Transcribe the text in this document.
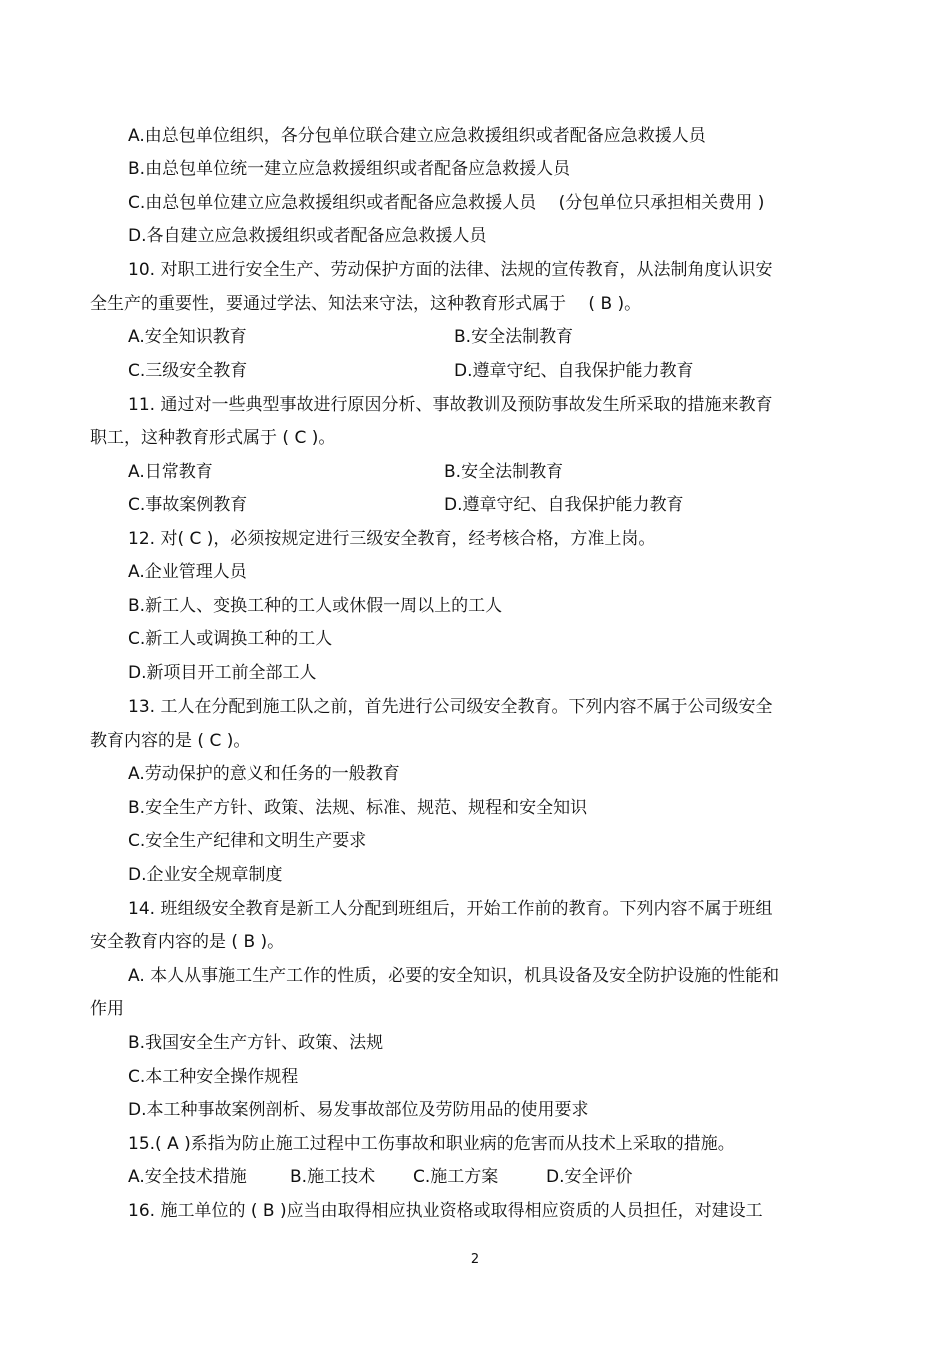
A.由总包单位组织，各分包单位联合建立应急救援组织或者配备应急救援人员
B.由总包单位统一建立应急救援组织或者配备应急救援人员
C.由总包单位建立应急救援组织或者配备应急救援人员　 (分包单位只承担相关费用 )
D.各自建立应急救援组织或者配备应急救援人员
10. 对职工进行安全生产、劳动保护方面的法律、法规的宣传教育，从法制角度认识安
全生产的重要性，要通过学法、知法来守法，这种教育形式属于　 ( B )。
A.安全知识教育	B.安全法制教育
C.三级安全教育	D.遵章守纪、自我保护能力教育
11. 通过对一些典型事故进行原因分析、事故教训及预防事故发生所采取的措施来教育
职工，这种教育形式属于 ( C )。
A.日常教育	B.安全法制教育
C.事故案例教育	D.遵章守纪、自我保护能力教育
12. 对( C )，必须按规定进行三级安全教育，经考核合格，方准上岗。
A.企业管理人员
B.新工人、变换工种的工人或休假一周以上的工人
C.新工人或调换工种的工人
D.新项目开工前全部工人
13. 工人在分配到施工队之前，首先进行公司级安全教育。下列内容不属于公司级安全
教育内容的是 ( C )。
A.劳动保护的意义和任务的一般教育
B.安全生产方针、政策、法规、标准、规范、规程和安全知识
C.安全生产纪律和文明生产要求
D.企业安全规章制度
14. 班组级安全教育是新工人分配到班组后，开始工作前的教育。下列内容不属于班组
安全教育内容的是 ( B )。
A. 本人从事施工生产工作的性质，必要的安全知识，机具设备及安全防护设施的性能和
作用
B.我国安全生产方针、政策、法规
C.本工种安全操作规程
D.本工种事故案例剖析、易发事故部位及劳防用品的使用要求
15.( A )系指为防止施工过程中工伤事故和职业病的危害而从技术上采取的措施。
A.安全技术措施	B.施工技术 C.施工方案	D.安全评价
16. 施工单位的 ( B )应当由取得相应执业资格或取得相应资质的人员担任，对建设工
2
